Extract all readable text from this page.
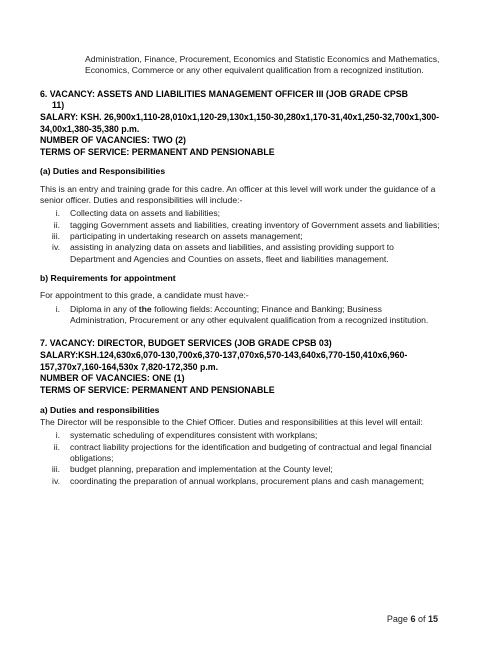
Administration, Finance, Procurement, Economics and Statistic Economics and Mathematics, Economics, Commerce or any other equivalent qualification from a recognized institution.

6. VACANCY: ASSETS AND LIABILITIES MANAGEMENT OFFICER III (JOB GRADE CPSB
11)
SALARY: KSH. 26,900x1,110-28,010x1,120-29,130x1,150-30,280x1,170-31,40x1,250-32,700x1,300-34,00x1,380-35,380 p.m.
NUMBER OF VACANCIES: TWO (2)
TERMS OF SERVICE: PERMANENT AND PENSIONABLE
(a) Duties and Responsibilities

This is an entry and training grade for this cadre. An officer at this level will work under the guidance of a senior officer. Duties and responsibilities will include:-

i.	Collecting data on assets and liabilities;
ii.	tagging Government assets and liabilities, creating inventory of Government assets and liabilities;
iii.	participating in undertaking research on assets management;
iv.	assisting in analyzing data on assets and liabilities, and assisting providing support to Department and Agencies and Counties on assets, fleet and liabilities management.
b) Requirements for appointment

For appointment to this grade, a candidate must have:-

i.	Diploma in any of the following fields: Accounting; Finance and Banking; Business Administration, Procurement or any other equivalent qualification from a recognized institution.
7. VACANCY: DIRECTOR, BUDGET SERVICES (JOB GRADE CPSB 03)
SALARY:KSH.124,630x6,070-130,700x6,370-137,070x6,570-143,640x6,770-150,410x6,960-157,370x7,160-164,530x 7,820-172,350 p.m.
NUMBER OF VACANCIES: ONE (1)
TERMS OF SERVICE: PERMANENT AND PENSIONABLE
a) Duties and responsibilities

The Director will be responsible to the Chief Officer. Duties and responsibilities at this level will entail:

i.	systematic scheduling of expenditures consistent with workplans;
ii.	contract liability projections for the identification and budgeting of contractual and legal financial obligations;
iii.	budget planning, preparation and implementation at the County level;
iv.	coordinating the preparation of annual workplans, procurement plans and cash management;
Page 6 of 15
